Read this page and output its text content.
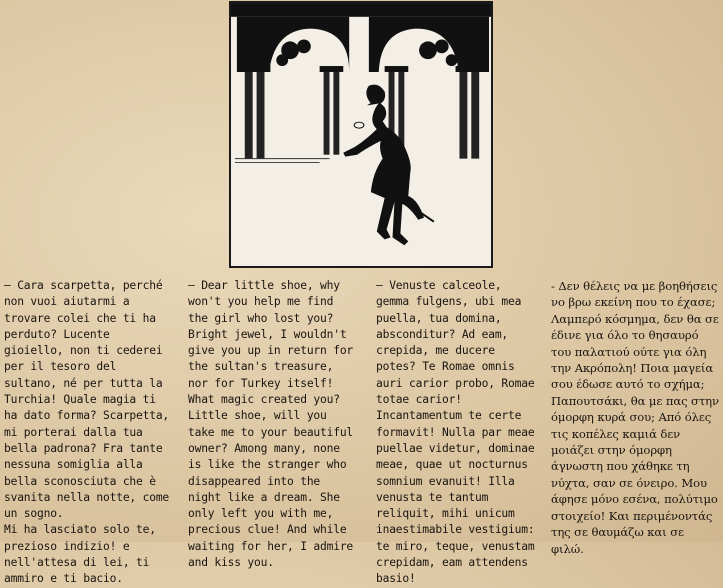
– Cara scarpetta, perché non vuoi aiutarmi a trovare colei che ti ha perduto? Lucente gioiello, non ti cederei per il tesoro del sultano, né per tutta la Turchia! Quale magia ti ha dato forma? Scarpetta, mi porterai dalla tua bella padrona? Fra tante nessuna somiglia alla bella sconosciuta che è svanita nella notte, come un sogno.

Mi ha lasciato solo te, prezioso indizio! e nell'attesa di lei, ti ammiro e ti bacio.

– Dear little shoe, why won't you help me find the girl who lost you? Bright jewel, I wouldn't give you up in return for the sultan's treasure, nor for Turkey itself! What magic created you? Little shoe, will you take me to your beautiful owner? Among many, none is like the stranger who disappeared into the night like a dream. She only left you with me, precious clue! And while waiting for her, I admire and kiss you.

– Venuste calceole, gemma fulgens, ubi mea puella, tua domina, absconditur? Ad eam, crepida, me ducere potes? Te Romae omnis auri carior probo, Romae totae carior! Incantamentum te certe formavit! Nulla par meae puellae videtur, dominae meae, quae ut nocturnus somnium evanuit! Illa venusta te tantum reliquit, mihi unicum inaestimabile vestigium: te miro, teque, venustam crepidam, eam attendens basio!

- Δεν θέλεις να με βοηθήσεις νο βρω εκείνη που το έχασε; Λαμπερό κόσμημα, δεν θα σε έδινε για όλο το θησαυρό του παλατιού ούτε για όλη την Ακρόπολη! Ποια μαγεία σου έδωσε αυτό το σχήμα; Παπουτσάκι, θα με πας στην όμορφη κυρά σου; Από όλες τις κοπέλες καμιά δεν μοιάζει στην όμορφη άγνωστη που χάθηκε τη νύχτα, σαν σε όνειρο. Μου άφησε μόνο εσένα, πολύτιμο στοιχείο! Και περιμένοντάς της σε θαυμάζω και σε φιλώ.
